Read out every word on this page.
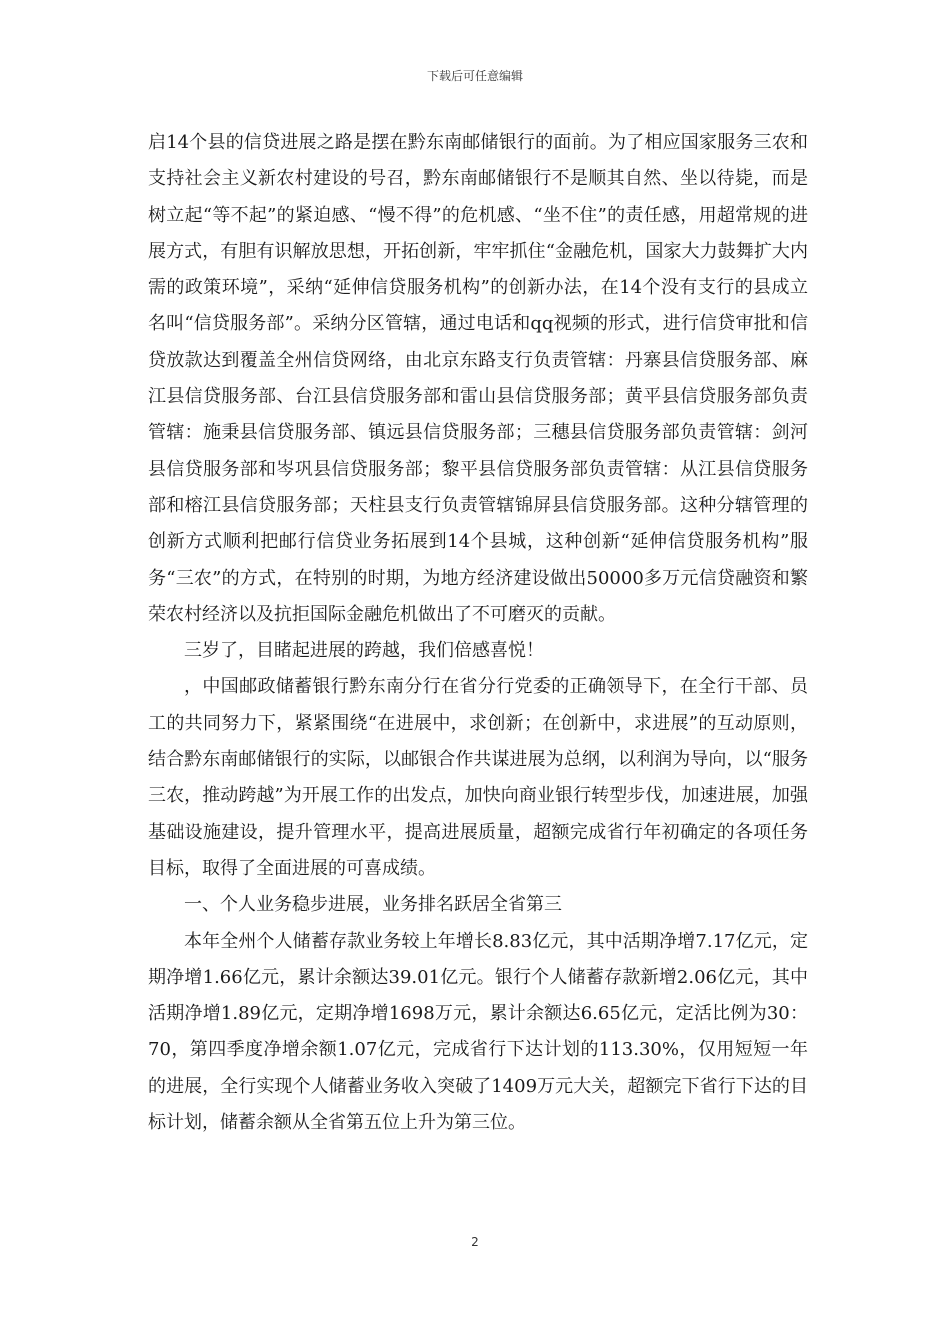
下载后可任意编辑

启14个县的信贷进展之路是摆在黔东南邮储银行的面前。为了相应国家服务三农和支持社会主义新农村建设的号召，黔东南邮储银行不是顺其自然、坐以待毙，而是树立起“等不起”的紧迫感、“慢不得”的危机感、“坐不住”的责任感，用超常规的进展方式，有胆有识解放思想，开拓创新，牢牢抓住“金融危机，国家大力鼓舞扩大内需的政策环境”，采纳“延伸信贷服务机构”的创新办法，在14个没有支行的县成立名叫“信贷服务部”。采纳分区管辖，通过电话和qq视频的形式，进行信贷审批和信贷放款达到覆盖全州信贷网络，由北京东路支行负责管辖：丹寨县信贷服务部、麻江县信贷服务部、台江县信贷服务部和雷山县信贷服务部；黄平县信贷服务部负责管辖：施秉县信贷服务部、镇远县信贷服务部；三穗县信贷服务部负责管辖：剑河县信贷服务部和岑巩县信贷服务部；黎平县信贷服务部负责管辖：从江县信贷服务部和榕江县信贷服务部；天柱县支行负责管辖锦屏县信贷服务部。这种分辖管理的创新方式顺利把邮行信贷业务拓展到14个县城，这种创新“延伸信贷服务机构”服务“三农”的方式，在特别的时期，为地方经济建设做出50000多万元信贷融资和繁荣农村经济以及抗拒国际金融危机做出了不可磨灭的贡献。

三岁了，目睹起进展的跨越，我们倍感喜悦！

，中国邮政储蓄银行黔东南分行在省分行党委的正确领导下，在全行干部、员工的共同努力下，紧紧围绕“在进展中，求创新；在创新中，求进展”的互动原则，结合黔东南邮储银行的实际，以邮银合作共谋进展为总纲，以利润为导向，以“服务三农，推动跨越”为开展工作的出发点，加快向商业银行转型步伐，加速进展，加强基础设施建设，提升管理水平，提高进展质量，超额完成省行年初确定的各项任务目标，取得了全面进展的可喜成绩。

一、个人业务稳步进展，业务排名跃居全省第三

本年全州个人储蓄存款业务较上年增长8.83亿元，其中活期净增7.17亿元，定期净增1.66亿元，累计余额达39.01亿元。银行个人储蓄存款新增2.06亿元，其中活期净增1.89亿元，定期净增1698万元，累计余额达6.65亿元，定活比例为30：70，第四季度净增余额1.07亿元，完成省行下达计划的113.30%，仅用短短一年的进展，全行实现个人储蓄业务收入突破了1409万元大关，超额完下省行下达的目标计划，储蓄余额从全省第五位上升为第三位。

2
